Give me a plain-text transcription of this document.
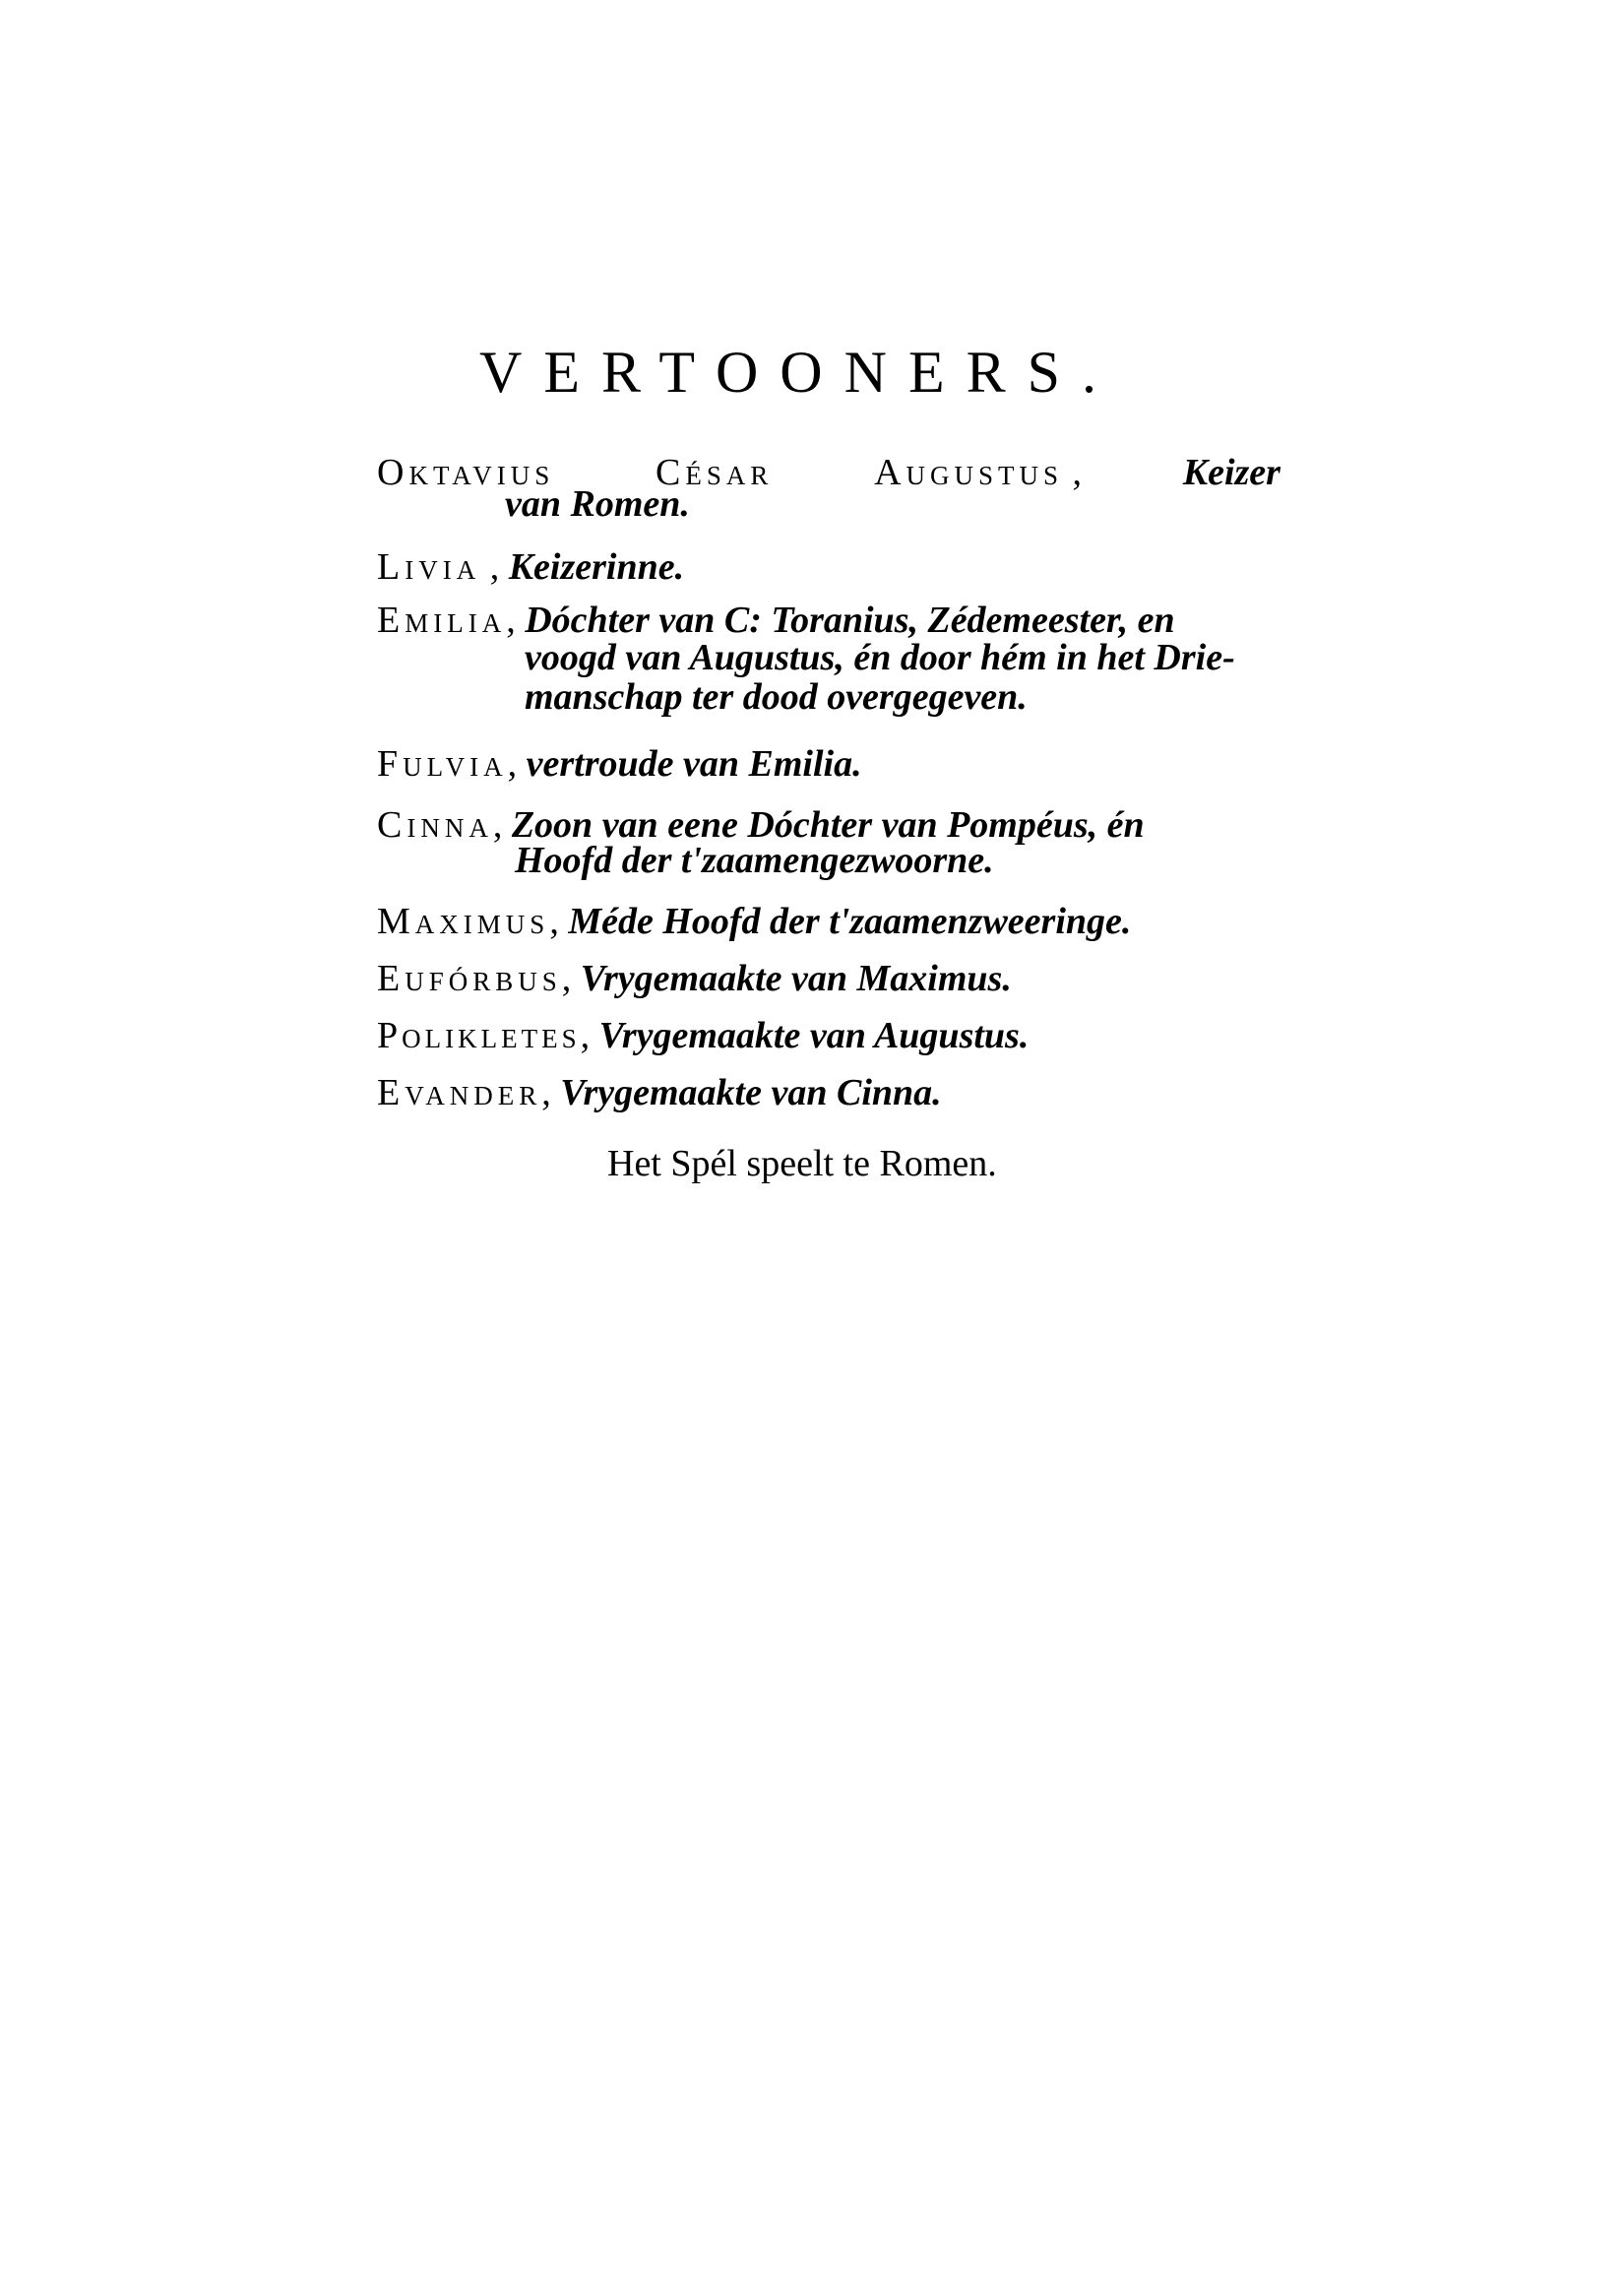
VERTOONERS.
Oktavius	César	Augustus ,	Keizer
van Romen.
Livia , Keizerinne.
Emilia, Dóchter van C: Toranius, Zédemeester, en
voogd van Augustus, én door hém in het Drie-
manschap ter dood overgegeven.
Fulvia, vertroude van Emilia.
Cinna, Zoon van eene Dóchter van Pompéus, én
Hoofd der t'zaamengezwoorne.
Maximus, Méde Hoofd der t'zaamenzweeringe.
Eufórbus, Vrygemaakte van Maximus.
Polikletes, Vrygemaakte van Augustus.
Evander, Vrygemaakte van Cinna.
Het Spél speelt te Romen.
